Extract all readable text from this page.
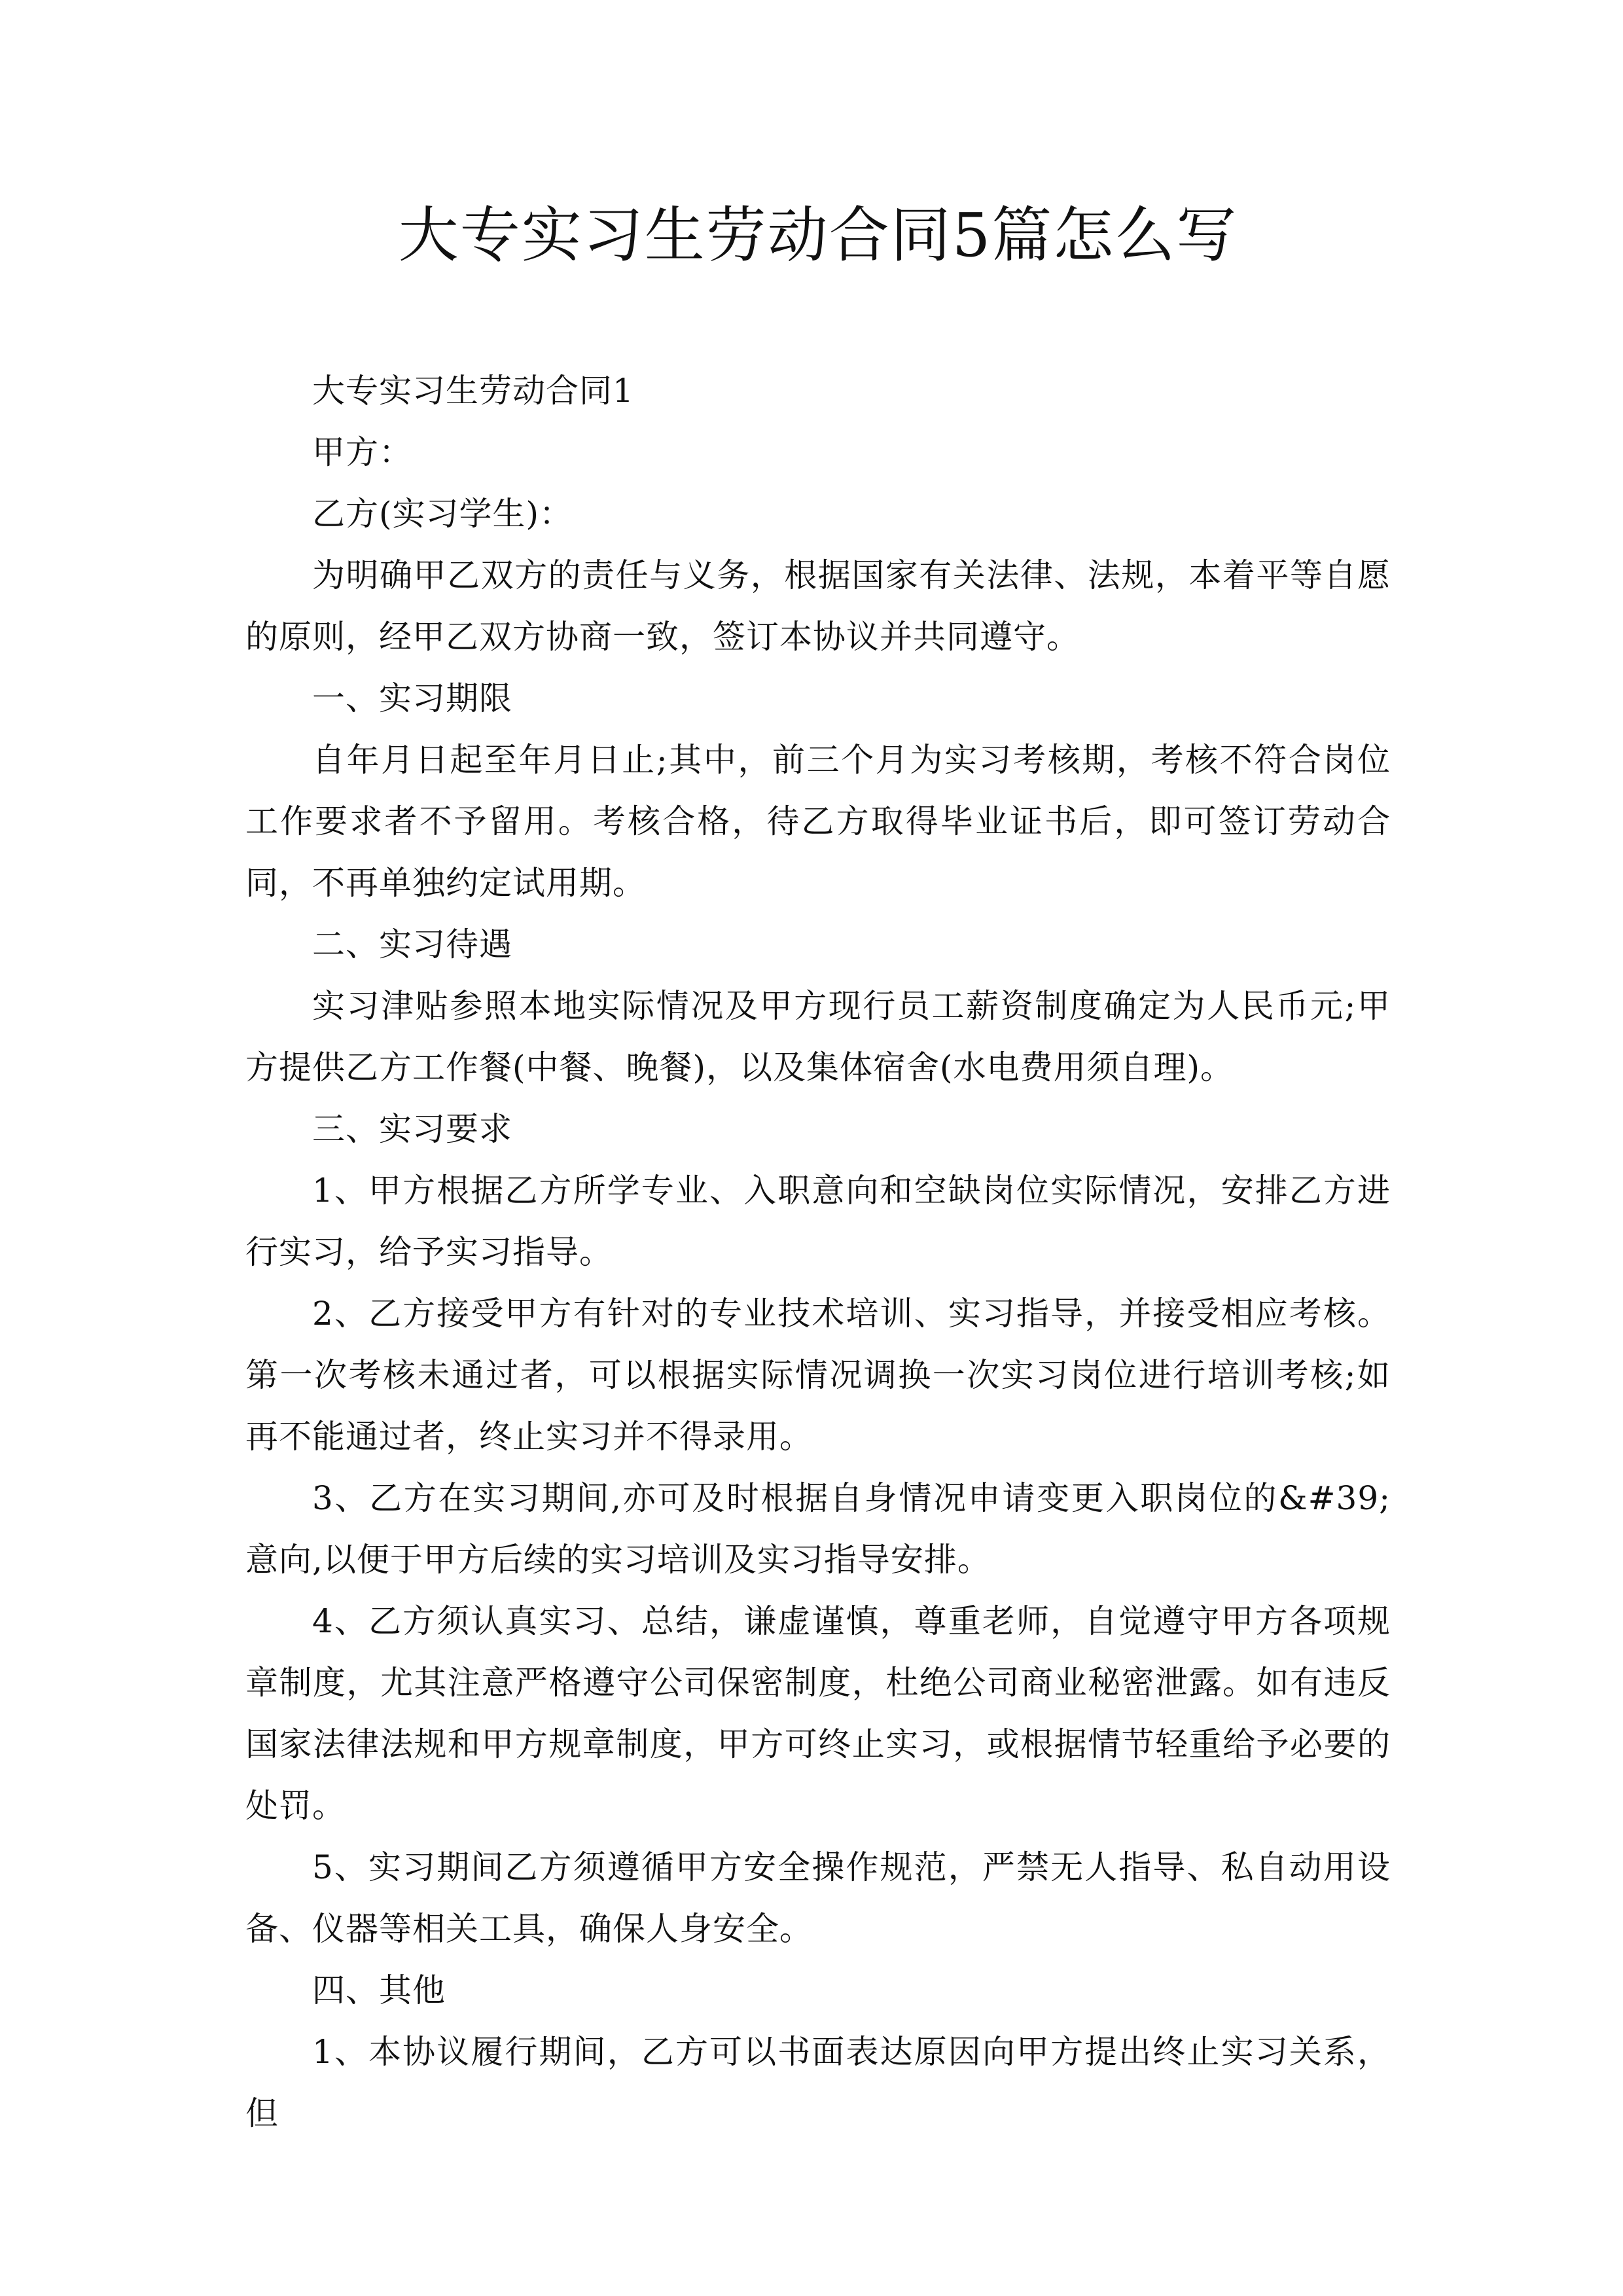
大专实习生劳动合同5篇怎么写

大专实习生劳动合同1

甲方：

乙方(实习学生)：

为明确甲乙双方的责任与义务，根据国家有关法律、法规，本着平等自愿的原则，经甲乙双方协商一致，签订本协议并共同遵守。

一、实习期限

自年月日起至年月日止;其中，前三个月为实习考核期，考核不符合岗位工作要求者不予留用。考核合格，待乙方取得毕业证书后，即可签订劳动合同，不再单独约定试用期。

二、实习待遇

实习津贴参照本地实际情况及甲方现行员工薪资制度确定为人民币元;甲方提供乙方工作餐(中餐、晚餐)，以及集体宿舍(水电费用须自理)。

三、实习要求

1、甲方根据乙方所学专业、入职意向和空缺岗位实际情况，安排乙方进行实习，给予实习指导。

2、乙方接受甲方有针对的专业技术培训、实习指导，并接受相应考核。第一次考核未通过者，可以根据实际情况调换一次实习岗位进行培训考核;如再不能通过者，终止实习并不得录用。

3、乙方在实习期间,亦可及时根据自身情况申请变更入职岗位的&#39;意向,以便于甲方后续的实习培训及实习指导安排。

4、乙方须认真实习、总结，谦虚谨慎，尊重老师，自觉遵守甲方各项规章制度，尤其注意严格遵守公司保密制度，杜绝公司商业秘密泄露。如有违反国家法律法规和甲方规章制度，甲方可终止实习，或根据情节轻重给予必要的处罚。

5、实习期间乙方须遵循甲方安全操作规范，严禁无人指导、私自动用设备、仪器等相关工具，确保人身安全。

四、其他

1、本协议履行期间，乙方可以书面表达原因向甲方提出终止实习关系，但
